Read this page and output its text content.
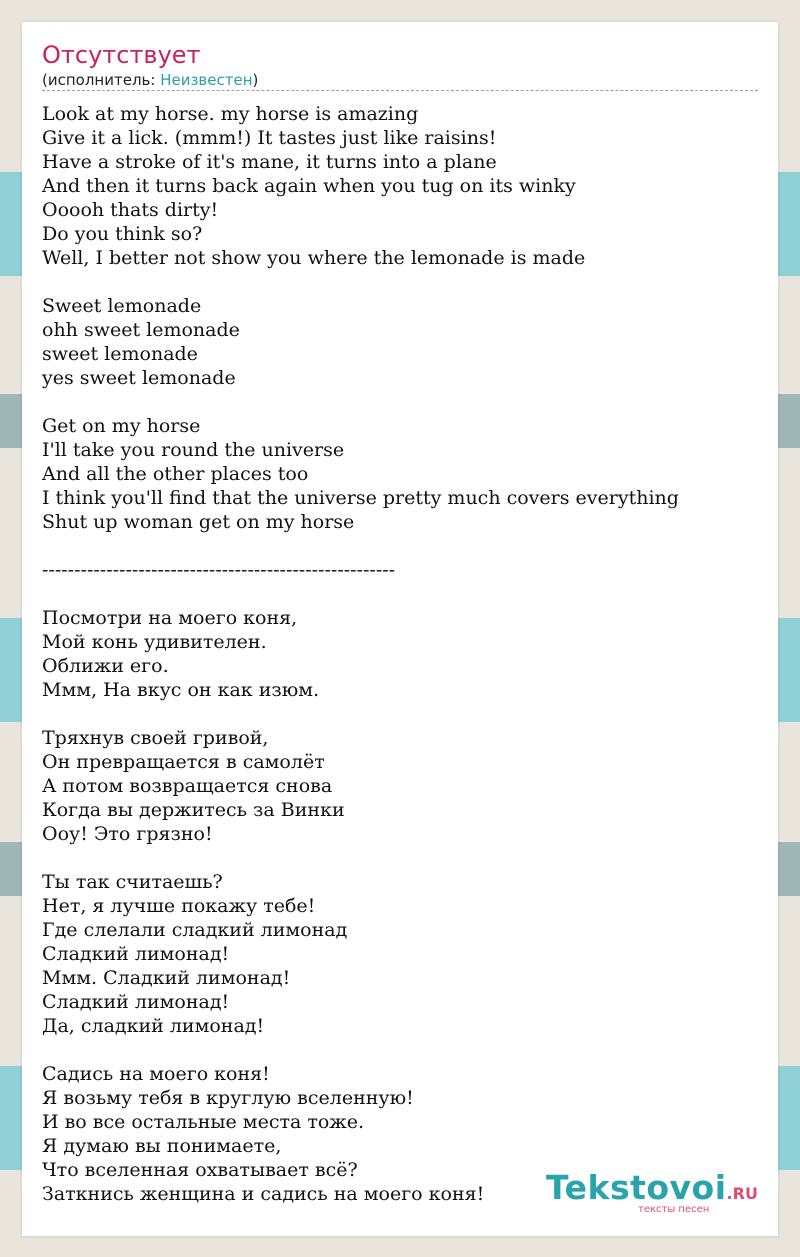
Отсутствует
(исполнитель: Неизвестен)
Look at my horse. my horse is amazing
Give it a lick. (mmm!) It tastes just like raisins!
Have a stroke of it's mane, it turns into a plane
And then it turns back again when you tug on its winky
Ooooh thats dirty!
Do you think so?
Well, I better not show you where the lemonade is made
Sweet lemonade
ohh sweet lemonade
sweet lemonade
yes sweet lemonade
Get on my horse
I'll take you round the universe
And all the other places too
I think you'll find that the universe pretty much covers everything
Shut up woman get on my horse
-------------------------------------------------------
Посмотри на моего коня,
Мой конь удивителен.
Оближи его.
Ммм, На вкус он как изюм.
Тряхнув своей гривой,
Он превращается в самолёт
А потом возвращается снова
Когда вы держитесь за Винки
Ооу! Это грязно!
Ты так считаешь?
Нет, я лучше покажу тебе!
Где слелали сладкий лимонад
Сладкий лимонад!
Ммм. Сладкий лимонад!
Сладкий лимонад!
Да, сладкий лимонад!
Садись на моего коня!
Я возьму тебя в круглую вселенную!
И во все остальные места тоже.
Я думаю вы понимаете,
Что вселенная охватывает всё?
Заткнись женщина и садись на моего коня!	Tekstovoi.RU
тексты песен
